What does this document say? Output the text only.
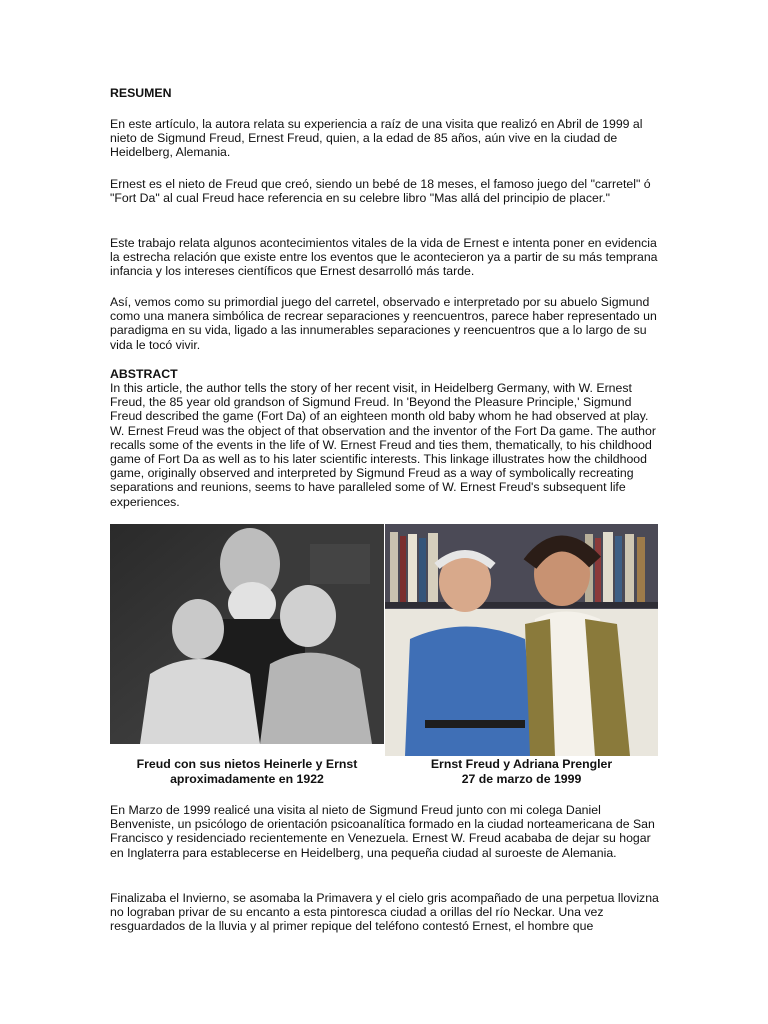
RESUMEN
En este artículo, la autora relata su experiencia a raíz de una visita que realizó en Abril de 1999 al nieto de Sigmund Freud, Ernest Freud, quien, a la edad de 85 años, aún vive en la ciudad de Heidelberg, Alemania.
Ernest es el nieto de Freud que creó, siendo un bebé de 18 meses, el famoso juego del "carretel" ó "Fort Da" al cual Freud hace referencia en su celebre libro "Mas allá del principio de placer."
Este trabajo relata algunos acontecimientos vitales de la vida de Ernest e intenta poner en evidencia la estrecha relación que existe entre los eventos que le acontecieron ya a partir de su más temprana infancia y los intereses científicos que Ernest desarrolló más tarde.
Así, vemos como su primordial juego del carretel, observado e interpretado por su abuelo Sigmund como una manera simbólica de recrear separaciones y reencuentros, parece haber representado un paradigma en su vida, ligado a las innumerables separaciones y reencuentros que a lo largo de su vida le tocó vivir.
ABSTRACT
In this article, the author tells the story of her recent visit, in Heidelberg Germany, with W. Ernest Freud, the 85 year old grandson of Sigmund Freud. In 'Beyond the Pleasure Principle,' Sigmund Freud described the game (Fort Da) of an eighteen month old baby whom he had observed at play. W. Ernest Freud was the object of that observation and the inventor of the Fort Da game. The author recalls some of the events in the life of W. Ernest Freud and ties them, thematically, to his childhood game of Fort Da as well as to his later scientific interests. This linkage illustrates how the childhood game, originally observed and interpreted by Sigmund Freud as a way of symbolically recreating separations and reunions, seems to have paralleled some of W. Ernest Freud's subsequent life experiences.
Freud con sus nietos Heinerle y Ernst
aproximadamente en 1922
Ernst Freud y Adriana Prengler
27 de marzo de 1999
En Marzo de 1999 realicé una visita al nieto de Sigmund Freud junto con mi colega Daniel Benveniste, un psicólogo de orientación psicoanalítica formado en la ciudad norteamericana de San Francisco y residenciado recientemente en Venezuela. Ernest W. Freud acababa de dejar su hogar en Inglaterra para establecerse en Heidelberg, una pequeña ciudad al suroeste de Alemania.
Finalizaba el Invierno, se asomaba la Primavera y el cielo gris acompañado de una perpetua llovizna no lograban privar de su encanto a esta pintoresca ciudad a orillas del río Neckar. Una vez resguardados de la lluvia y al primer repique del teléfono contestó Ernest, el hombre que
